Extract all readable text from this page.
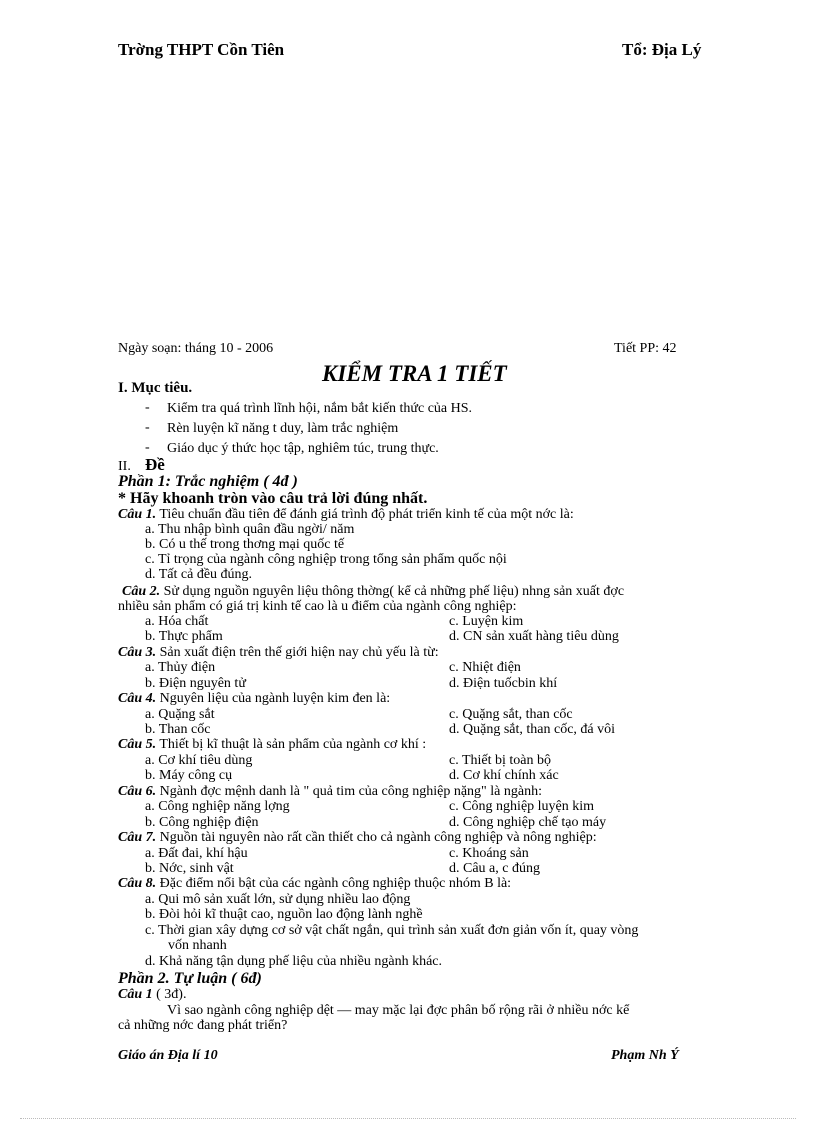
Trờng THPT Cồn Tiên	Tổ: Địa Lý
Ngày soạn: tháng 10 - 2006	Tiết PP: 42
KIỂM TRA 1 TIẾT
I. Mục tiêu.
- Kiểm tra quá trình lĩnh hội, nắm bắt kiến thức của HS.
- Rèn luyện kĩ năng t duy, làm trắc nghiệm
- Giáo dục ý thức học tập, nghiêm túc, trung thực.
II. Đề
Phần 1: Trắc nghiệm ( 4đ )
* Hãy khoanh tròn vào câu trả lời đúng nhất.
Câu 1. Tiêu chuẩn đầu tiên để đánh giá trình độ phát triển kinh tế của một nớc là:
a. Thu nhập bình quân đầu ngời/ năm
b. Có u thế trong thơng mại quốc tế
c. Tỉ trọng của ngành công nghiệp trong tổng sản phẩm quốc nội
d. Tất cả đều đúng.
Câu 2. Sử dụng nguồn nguyên liệu thông thờng( kể cả những phế liệu) nhng sản xuất đợc
nhiều sản phẩm có giá trị kinh tế cao là u điểm của ngành công nghiệp:
a. Hóa chất	c. Luyện kim
b. Thực phẩm	d. CN sản xuất hàng tiêu dùng
Câu 3. Sản xuất điện trên thế giới hiện nay chủ yếu là từ:
a. Thủy điện	c. Nhiệt điện
b. Điện nguyên tử	d. Điện tuốcbin khí
Câu 4. Nguyên liệu của ngành luyện kim đen là:
a. Quặng sắt	c. Quặng sắt, than cốc
b. Than cốc	d. Quặng sắt, than cốc, đá vôi
Câu 5. Thiết bị kĩ thuật là sản phẩm của ngành cơ khí :
a. Cơ khí tiêu dùng	c. Thiết bị toàn bộ
b. Máy công cụ	d. Cơ khí chính xác
Câu 6. Ngành đợc mệnh danh là " quả tim của công nghiệp nặng" là ngành:
a. Công nghiệp năng lợng	c. Công nghiệp luyện kim
b. Công nghiệp điện	d. Công nghiệp chế tạo máy
Câu 7. Nguồn tài nguyên nào rất cần thiết cho cả ngành công nghiệp và nông nghiệp:
a. Đất đai, khí hậu	c. Khoáng sản
b. Nớc, sinh vật	d. Câu a, c đúng
Câu 8. Đặc điểm nổi bật của các ngành công nghiệp thuộc nhóm B là:
a. Qui mô sản xuất lớn, sử dụng nhiều lao động
b. Đòi hỏi kĩ thuật cao, nguồn lao động lành nghề
c. Thời gian xây dựng cơ sở vật chất ngắn, qui trình sản xuất đơn giản vốn ít, quay vòng
vốn nhanh
d. Khả năng tận dụng phế liệu của nhiều ngành khác.
Phần 2. Tự luận ( 6đ)
Câu 1 ( 3đ).
Vì sao ngành công nghiệp dệt — may mặc lại đợc phân bố rộng rãi ở nhiều nớc kể
cả những nớc đang phát triển?
Giáo án Địa lí 10	Phạm Nh Ý
